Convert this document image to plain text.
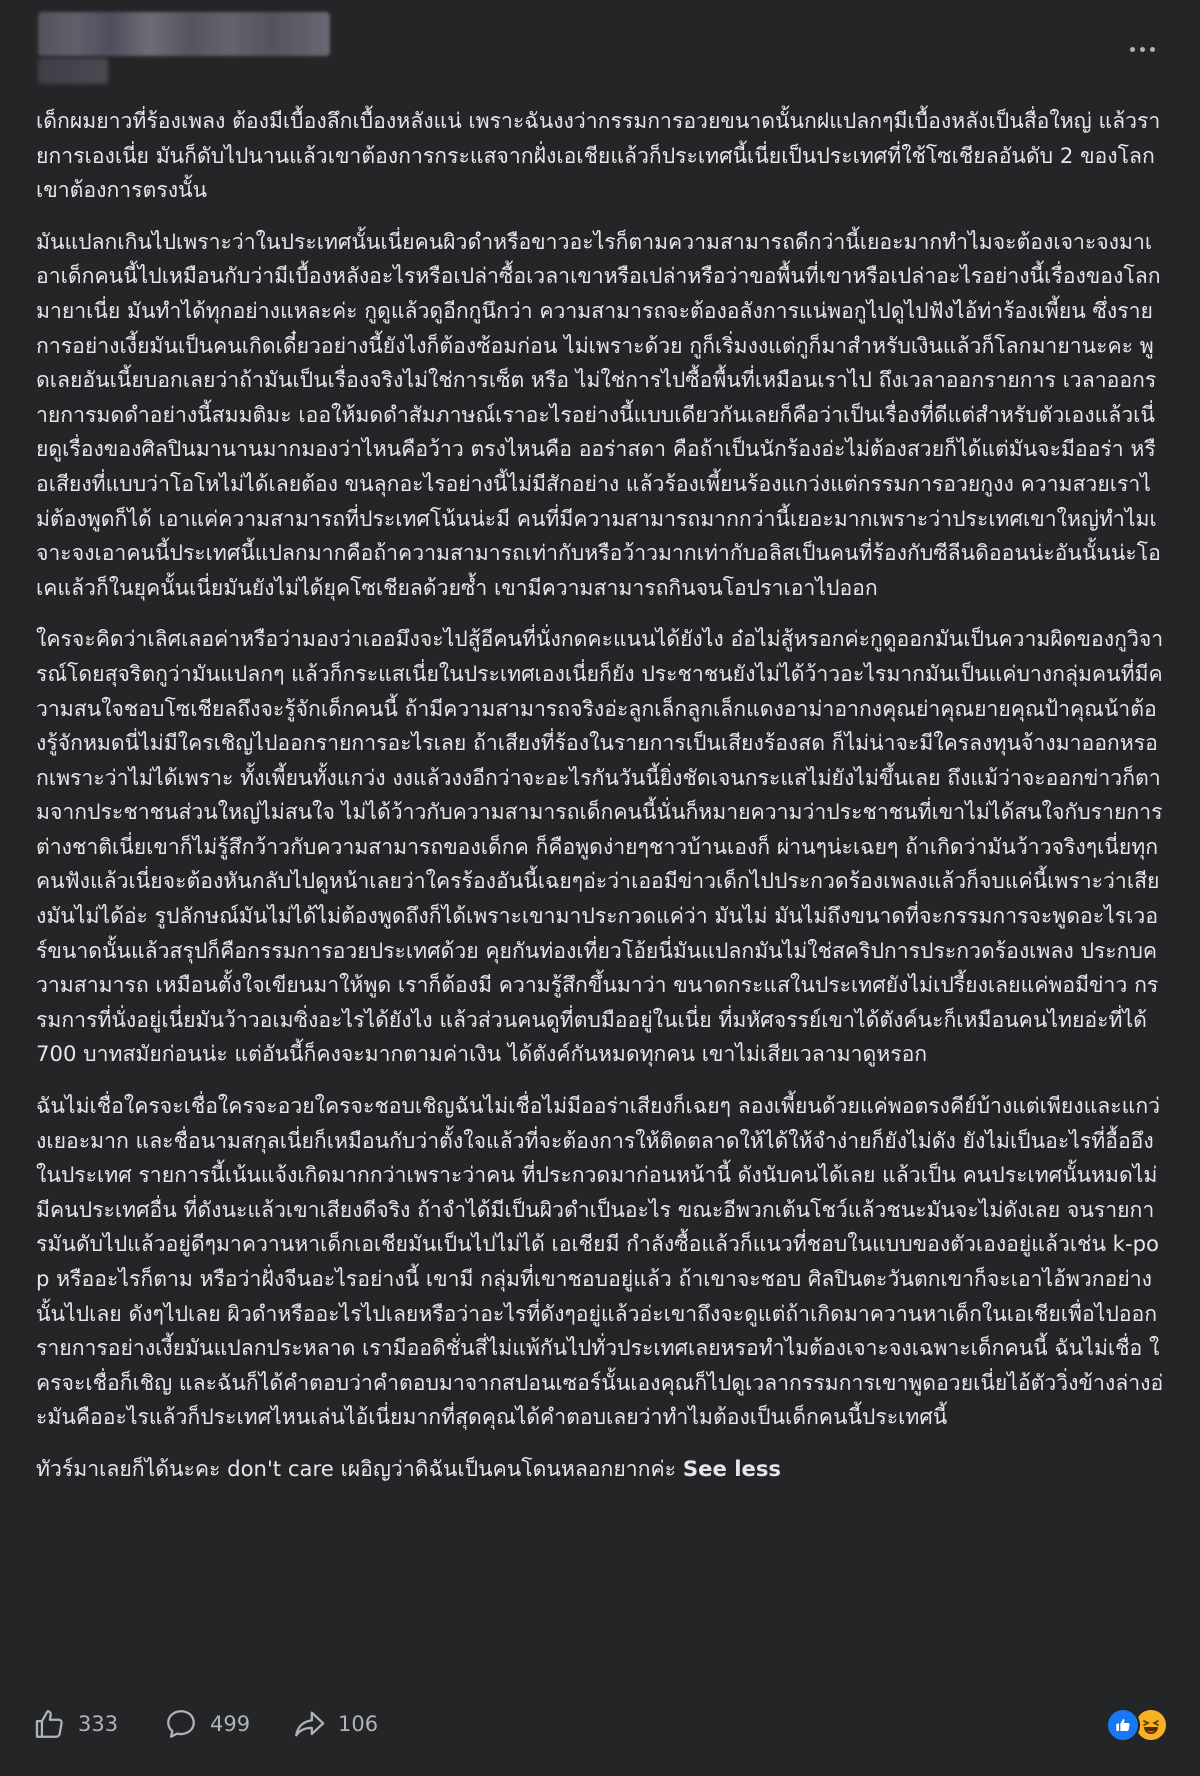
เด็กผมยาวที่ร้องเพลง ต้องมีเบื้องลึกเบื้องหลังแน่ เพราะฉันงงว่ากรรมการอวยขนาดนั้นกฝแปลกๆมีเบื้องหลังเป็นสื่อใหญ่ แล้วรายการเองเนี่ย มันก็ดับไปนานแล้วเขาต้องการกระแสจากฝั่งเอเชียแล้วก็ประเทศนี้เนี่ยเป็นประเทศที่ใช้โซเชียลอันดับ 2 ของโลก เขาต้องการตรงนั้น

มันแปลกเกินไปเพราะว่าในประเทศนั้นเนี่ยคนผิวดำหรือขาวอะไรก็ตามความสามารถดีกว่านี้เยอะมากทำไมจะต้องเจาะจงมาเอาเด็กคนนี้ไปเหมือนกับว่ามีเบื้องหลังอะไรหรือเปล่าซื้อเวลาเขาหรือเปล่าหรือว่าขอพื้นที่เขาหรือเปล่าอะไรอย่างนี้เรื่องของโลกมายาเนี่ย มันทำได้ทุกอย่างแหละค่ะ กูดูแล้วดูอีกกูนึกว่า ความสามารถจะต้องอลังการแน่พอกูไปดูไปฟังไอ้ท่าร้องเพี้ยน ซึ่งรายการอย่างเงี้ยมันเป็นคนเกิดเดี๋ยวอย่างนี้ยังไงก็ต้องซ้อมก่อน ไม่เพราะด้วย กูก็เริ่มงงแต่กูก็มาสำหรับเงินแล้วก็โลกมายานะคะ พูดเลยอันเนี้ยบอกเลยว่าถ้ามันเป็นเรื่องจริงไม่ใช่การเซ็ต หรือ ไม่ใช่การไปซื้อพื้นที่เหมือนเราไป ถึงเวลาออกรายการ เวลาออกรายการมดดำอย่างนี้สมมติมะ เออให้มดดำสัมภาษณ์เราอะไรอย่างนี้แบบเดียวกันเลยก็คือว่าเป็นเรื่องที่ดีแต่สำหรับตัวเองแล้วเนี่ยดูเรื่องของศิลปินมานานมากมองว่าไหนคือว้าว ตรงไหนคือ ออร่าสดา คือถ้าเป็นนักร้องอ่ะไม่ต้องสวยก็ได้แต่มันจะมีออร่า หรือเสียงที่แบบว่าโอโหไม่ได้เลยต้อง ขนลุกอะไรอย่างนี้ไม่มีสักอย่าง แล้วร้องเพี้ยนร้องแกว่งแต่กรรมการอวยกูงง ความสวยเราไม่ต้องพูดก็ได้ เอาแค่ความสามารถที่ประเทศโน้นน่ะมี คนที่มีความสามารถมากกว่านี้เยอะมากเพราะว่าประเทศเขาใหญ่ทำไมเจาะจงเอาคนนี้ประเทศนี้แปลกมากคือถ้าความสามารถเท่ากับหรือว้าวมากเท่ากับอลิสเป็นคนที่ร้องกับซีลีนดิออนน่ะอันนั้นน่ะโอเคแล้วก็ในยุคนั้นเนี่ยมันยังไม่ได้ยุคโซเชียลด้วยซ้ำ เขามีความสามารถกินจนโอปราเอาไปออก

ใครจะคิดว่าเลิศเลอค่าหรือว่ามองว่าเออมึงจะไปสู้อีคนที่นั่งกดคะแนนได้ยังไง อ๋อไม่สู้หรอกค่ะกูดูออกมันเป็นความผิดของกูวิจารณ์โดยสุจริตกูว่ามันแปลกๆ แล้วก็กระแสเนี่ยในประเทศเองเนี่ยก็ยัง ประชาชนยังไม่ได้ว้าวอะไรมากมันเป็นแค่บางกลุ่มคนที่มีความสนใจชอบโซเชียลถึงจะรู้จักเด็กคนนี้ ถ้ามีความสามารถจริงอ่ะลูกเล็กลูกเล็กแดงอาม่าอากงคุณย่าคุณยายคุณป้าคุณน้าต้องรู้จักหมดนี่ไม่มีใครเชิญไปออกรายการอะไรเลย ถ้าเสียงที่ร้องในรายการเป็นเสียงร้องสด ก็ไม่น่าจะมีใครลงทุนจ้างมาออกหรอกเพราะว่าไม่ได้เพราะ ทั้งเพี้ยนทั้งแกว่ง งงแล้วงงอีกว่าจะอะไรกันวันนี้ยิ่งชัดเจนกระแสไม่ยังไม่ขึ้นเลย ถึงแม้ว่าจะออกข่าวก็ตามจากประชาชนส่วนใหญ่ไม่สนใจ ไม่ได้ว้าวกับความสามารถเด็กคนนี้นั่นก็หมายความว่าประชาชนที่เขาไม่ได้สนใจกับรายการต่างชาติเนี่ยเขาก็ไม่รู้สึกว้าวกับความสามารถของเด็กค ก็คือพูดง่ายๆชาวบ้านเองก็ ผ่านๆน่ะเฉยๆ ถ้าเกิดว่ามันว้าวจริงๆเนี่ยทุกคนฟังแล้วเนี่ยจะต้องหันกลับไปดูหน้าเลยว่าใครร้องอันนี้เฉยๆอ่ะว่าเออมีข่าวเด็กไปประกวดร้องเพลงแล้วก็จบแค่นี้เพราะว่าเสียงมันไม่ได้อ่ะ รูปลักษณ์มันไม่ได้ไม่ต้องพูดถึงก็ได้เพราะเขามาประกวดแค่ว่า มันไม่ มันไม่ถึงขนาดที่จะกรรมการจะพูดอะไรเวอร์ขนาดนั้นแล้วสรุปก็คือกรรมการอวยประเทศด้วย คุยกันท่องเที่ยวโอ้ยนี่มันแปลกมันไม่ใช่สคริปการประกวดร้องเพลง ประกบความสามารถ เหมือนตั้งใจเขียนมาให้พูด เราก็ต้องมี ความรู้สึกขึ้นมาว่า ขนาดกระแสในประเทศยังไม่เปรี้ยงเลยแค่พอมีข่าว กรรมการที่นั่งอยู่เนี่ยมันว้าวอเมซิ่งอะไรได้ยังไง แล้วส่วนคนดูที่ตบมืออยู่ในเนี่ย ที่มหัศจรรย์เขาได้ตังค์นะก็เหมือนคนไทยอ่ะที่ได้ 700 บาทสมัยก่อนน่ะ แต่อันนี้ก็คงจะมากตามค่าเงิน ได้ตังค์กันหมดทุกคน เขาไม่เสียเวลามาดูหรอก

ฉันไม่เชื่อใครจะเชื่อใครจะอวยใครจะชอบเชิญฉันไม่เชื่อไม่มีออร่าเสียงก็เฉยๆ ลองเพี้ยนด้วยแค่พอตรงคีย์บ้างแต่เพียงและแกว่งเยอะมาก และชื่อนามสกุลเนี่ยก็เหมือนกับว่าตั้งใจแล้วที่จะต้องการให้ติดตลาดให้ได้ให้จำง่ายก็ยังไม่ดัง ยังไม่เป็นอะไรที่อื้ออึงในประเทศ รายการนี้เน้นแจ้งเกิดมากกว่าเพราะว่าคน ที่ประกวดมาก่อนหน้านี้ ดังนับคนได้เลย แล้วเป็น คนประเทศนั้นหมดไม่มีคนประเทศอื่น ที่ดังนะแล้วเขาเสียงดีจริง ถ้าจำได้มีเป็นผิวดำเป็นอะไร ขณะอีพวกเต้นโชว์แล้วชนะมันจะไม่ดังเลย จนรายการมันดับไปแล้วอยู่ดีๆมาควานหาเด็กเอเชียมันเป็นไปไม่ได้ เอเชียมี กำลังซื้อแล้วก็แนวที่ชอบในแบบของตัวเองอยู่แล้วเช่น k-pop หรืออะไรก็ตาม หรือว่าฝั่งจีนอะไรอย่างนี้ เขามี กลุ่มที่เขาชอบอยู่แล้ว ถ้าเขาจะชอบ ศิลปินตะวันตกเขาก็จะเอาไอ้พวกอย่างนั้นไปเลย ดังๆไปเลย ผิวดำหรืออะไรไปเลยหรือว่าอะไรที่ดังๆอยู่แล้วอ่ะเขาถึงจะดูแต่ถ้าเกิดมาควานหาเด็กในเอเชียเพื่อไปออกรายการอย่างเงี้ยมันแปลกประหลาด เรามีออดิชั่นสี่ไม่แพ้กันไปทั่วประเทศเลยหรอทำไมต้องเจาะจงเฉพาะเด็กคนนี้ ฉันไม่เชื่อ ใครจะเชื่อก็เชิญ และฉันก็ได้คำตอบว่าคำตอบมาจากสปอนเซอร์นั้นเองคุณก็ไปดูเวลากรรมการเขาพูดอวยเนี่ยไอ้ตัววิ่งข้างล่างอ่ะมันคืออะไรแล้วก็ประเทศไหนเล่นไอ้เนี่ยมากที่สุดคุณได้คำตอบเลยว่าทำไมต้องเป็นเด็กคนนี้ประเทศนี้

ทัวร์มาเลยก็ได้นะคะ don't care เผอิญว่าดิฉันเป็นคนโดนหลอกยากค่ะ See less

333	499	106
